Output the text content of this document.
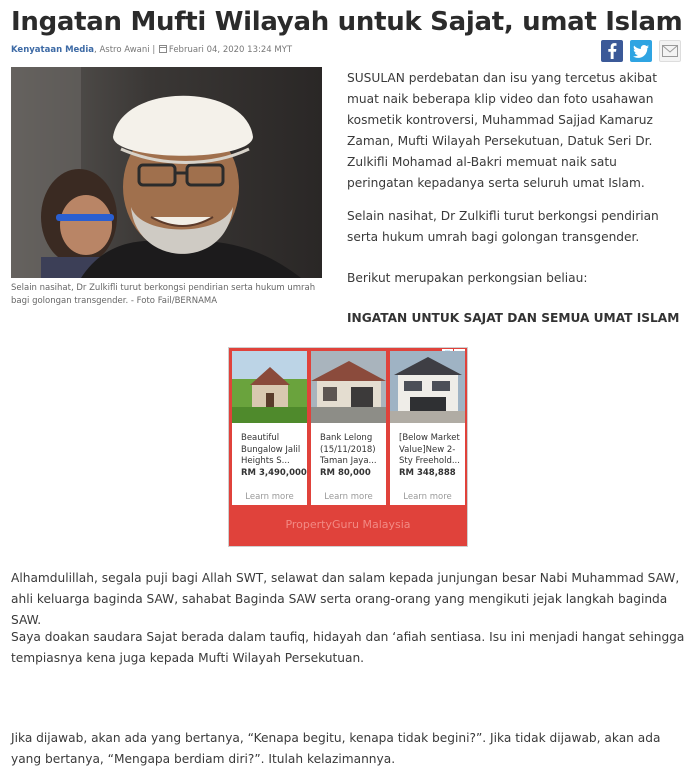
Ingatan Mufti Wilayah untuk Sajat, umat Islam
Kenyataan Media, Astro Awani | Februari 04, 2020 13:24 MYT

Selain nasihat, Dr Zulkifli turut berkongsi pendirian serta hukum umrah bagi golongan transgender. - Foto Fail/BERNAMA

SUSULAN perdebatan dan isu yang tercetus akibat muat naik beberapa klip video dan foto usahawan kosmetik kontroversi, Muhammad Sajjad Kamaruz Zaman, Mufti Wilayah Persekutuan, Datuk Seri Dr. Zulkifli Mohamad al-Bakri memuat naik satu peringatan kepadanya serta seluruh umat Islam.

Selain nasihat, Dr Zulkifli turut berkongsi pendirian serta hukum umrah bagi golongan transgender.

Berikut merupakan perkongsian beliau:

INGATAN UNTUK SAJAT DAN SEMUA UMAT ISLAM

Beautiful Bungalow Jalil Heights S...
RM 3,490,000
Learn more
Bank Lelong (15/11/2018) Taman Jaya...
RM 80,000
Learn more
[Below Market Value]New 2-Sty Freehold...
RM 348,888
Learn more
PropertyGuru Malaysia

Alhamdulillah, segala puji bagi Allah SWT, selawat dan salam kepada junjungan besar Nabi Muhammad SAW, ahli keluarga baginda SAW, sahabat Baginda SAW serta orang-orang yang mengikuti jejak langkah baginda SAW.

Saya doakan saudara Sajat berada dalam taufiq, hidayah dan ‘afiah sentiasa. Isu ini menjadi hangat sehingga tempiasnya kena juga kepada Mufti Wilayah Persekutuan.

Jika dijawab, akan ada yang bertanya, “Kenapa begitu, kenapa tidak begini?”. Jika tidak dijawab, akan ada yang bertanya, “Mengapa berdiam diri?”. Itulah kelazimannya.
